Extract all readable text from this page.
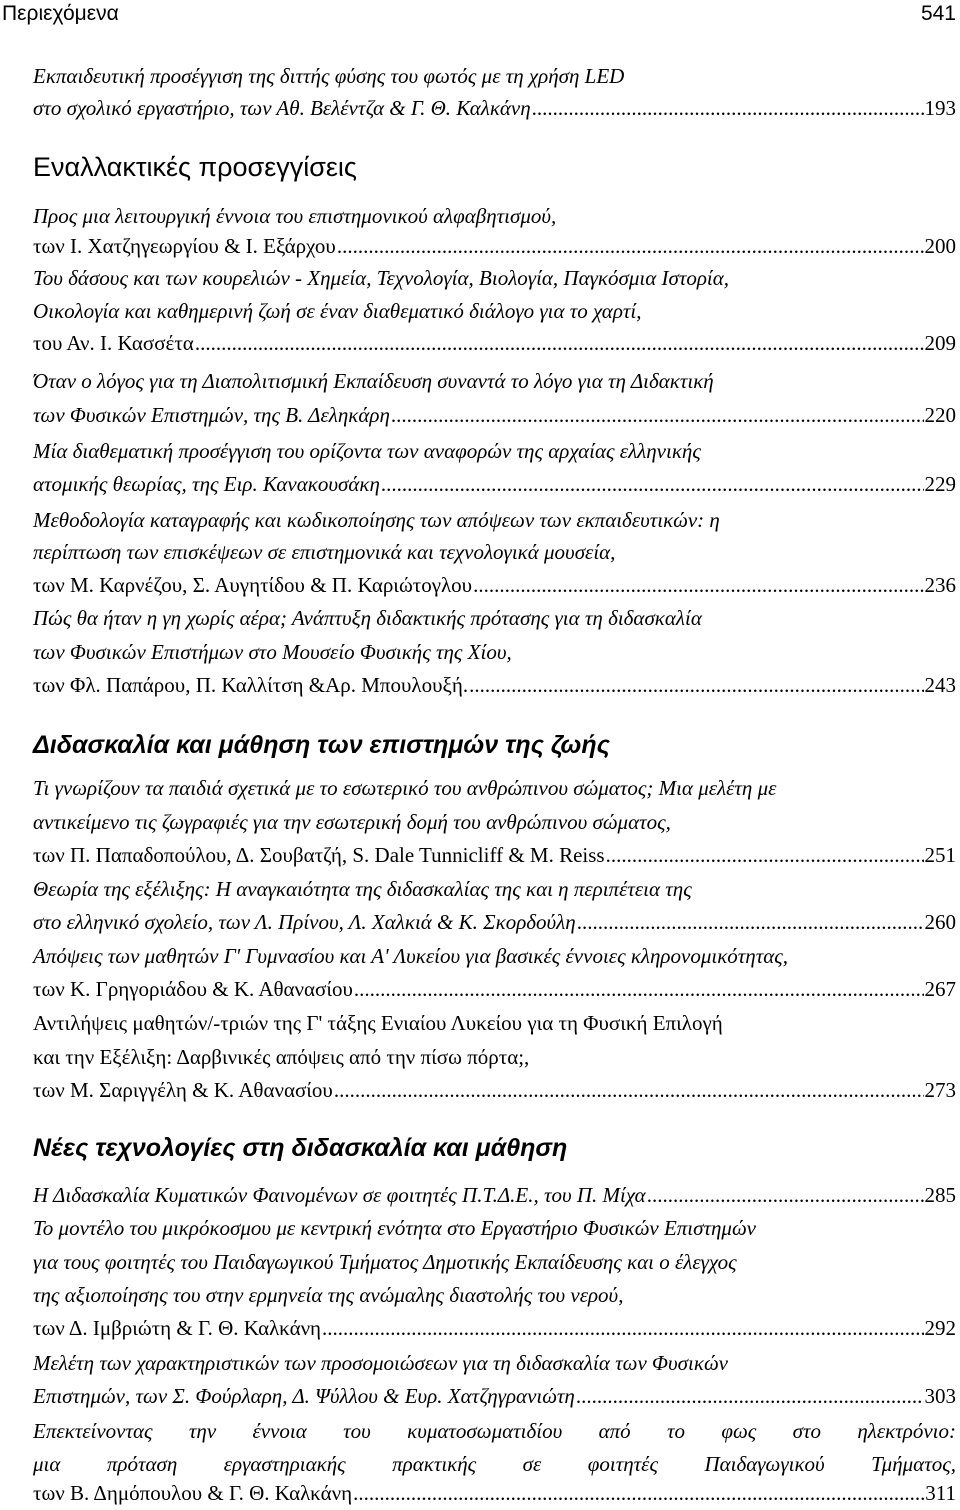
Περιεχόμενα	541
Εκπαιδευτική προσέγγιση της διττής φύσης του φωτός με τη χρήση LED
στο σχολικό εργαστήριο, των Αθ. Βελέντζα & Γ. Θ. Καλκάνη .....	193
Εναλλακτικές προσεγγίσεις
Προς μια λειτουργική έννοια του επιστημονικού αλφαβητισμού,
των Ι. Χατζηγεωργίου & Ι. Εξάρχου .....	200
Του δάσους και των κουρελιών - Χημεία, Τεχνολογία, Βιολογία, Παγκόσμια Ιστορία,
Οικολογία και καθημερινή ζωή σε έναν διαθεματικό διάλογο για το χαρτί,
του Αν. Ι. Κασσέτα .....	209
Όταν ο λόγος για τη Διαπολιτισμική Εκπαίδευση συναντά το λόγο για τη Διδακτική
των Φυσικών Επιστημών, της Β. Δεληκάρη .....	220
Μία διαθεματική προσέγγιση του ορίζοντα των αναφορών της αρχαίας ελληνικής
ατομικής θεωρίας, της Ειρ. Κανακουσάκη .....	229
Μεθοδολογία καταγραφής και κωδικοποίησης των απόψεων των εκπαιδευτικών: η
περίπτωση των επισκέψεων σε επιστημονικά και τεχνολογικά μουσεία,
των Μ. Καρνέζου, Σ. Αυγητίδου & Π. Καριώτογλου .....	236
Πώς θα ήταν η γη χωρίς αέρα; Ανάπτυξη διδακτικής πρότασης για τη διδασκαλία
των Φυσικών Επιστήμων στο Μουσείο Φυσικής της Χίου,
των Φλ. Παπάρου, Π. Καλλίτση &Αρ. Μπουλουξή. .....	243
Διδασκαλία και μάθηση των επιστημών της ζωής
Τι γνωρίζουν τα παιδιά σχετικά με το εσωτερικό του ανθρώπινου σώματος; Μια μελέτη με
αντικείμενο τις ζωγραφιές για την εσωτερική δομή του ανθρώπινου σώματος,
των Π. Παπαδοπούλου, Δ. Σουβατζή, S. Dale Tunnicliff & M. Reiss .....	251
Θεωρία της εξέλιξης: Η αναγκαιότητα της διδασκαλίας της και η περιπέτεια της
στο ελληνικό σχολείο, των Λ. Πρίνου, Λ. Χαλκιά & Κ. Σκορδούλη .....	260
Απόψεις των μαθητών Γ' Γυμνασίου και Α' Λυκείου για βασικές έννοιες κληρονομικότητας,
των Κ. Γρηγοριάδου & Κ. Αθανασίου .....	267
Αντιλήψεις μαθητών/-τριών της Γ' τάξης Ενιαίου Λυκείου για τη Φυσική Επιλογή
και την Εξέλιξη: Δαρβινικές απόψεις από την πίσω πόρτα;,
των Μ. Σαριγγέλη & Κ. Αθανασίου .....	273
Νέες τεχνολογίες στη διδασκαλία και μάθηση
Η Διδασκαλία Κυματικών Φαινομένων σε φοιτητές Π.Τ.Δ.Ε., του Π. Μίχα .....	285
Το μοντέλο του μικρόκοσμου με κεντρική ενότητα στο Εργαστήριο Φυσικών Επιστημών
για τους φοιτητές του Παιδαγωγικού Τμήματος Δημοτικής Εκπαίδευσης και ο έλεγχος
της αξιοποίησης του στην ερμηνεία της ανώμαλης διαστολής του νερού,
των Δ. Ιμβριώτη & Γ. Θ. Καλκάνη .....	292
Μελέτη των χαρακτηριστικών των προσομοιώσεων για τη διδασκαλία των Φυσικών
Επιστημών, των Σ. Φούρλαρη, Δ. Ψύλλου & Ευρ. Χατζηγρανιώτη .....	303
Επεκτείνοντας την έννοια του κυματοσωματιδίου από το φως στο ηλεκτρόνιο:
μια πρόταση εργαστηριακής πρακτικής σε φοιτητές Παιδαγωγικού Τμήματος,
των Β. Δημόπουλου & Γ. Θ. Καλκάνη .....	311
